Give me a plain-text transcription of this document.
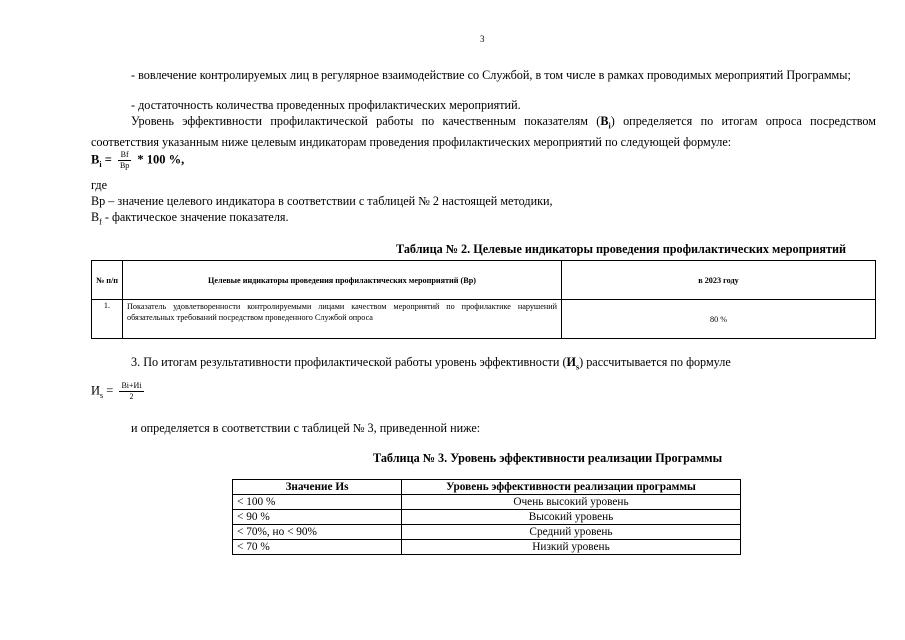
3
- вовлечение контролируемых лиц в регулярное взаимодействие со Службой, в том числе в рамках проводимых мероприятий Программы;
- достаточность количества проведенных профилактических мероприятий.
Уровень эффективности профилактической работы по качественным показателям $(В_i)$ определяется по итогам опроса посредством соответствия указанным ниже целевым индикаторам проведения профилактических мероприятий по следующей формуле:
$В_i = \frac{Вf}{Вр} * 100$ %,
где
Вр – значение целевого индикатора в соответствии с таблицей № 2 настоящей методики,
$В_f$ - фактическое значение показателя.
Таблица № 2. Целевые индикаторы проведения профилактических мероприятий
№ п/п	Целевые индикаторы проведения профилактических мероприятий (Вр)	в 2023 году
1.	Показатель удовлетворенности контролируемыми лицами качеством мероприятий по профилактике нарушений обязательных требований посредством проведенного Службой опроса	80 %
3. По итогам результативности профилактической работы уровень эффективности $(И_s)$ рассчитывается по формуле
$И_s = \frac{Bi+Иi}{2}$
и определяется в соответствии с таблицей № 3, приведенной ниже:
Таблица № 3. Уровень эффективности реализации Программы
Значение Иs	Уровень эффективности реализации программы
< 100 %	Очень высокий уровень
< 90 %	Высокий уровень
< 70%, но < 90%	Средний уровень
< 70 %	Низкий уровень
